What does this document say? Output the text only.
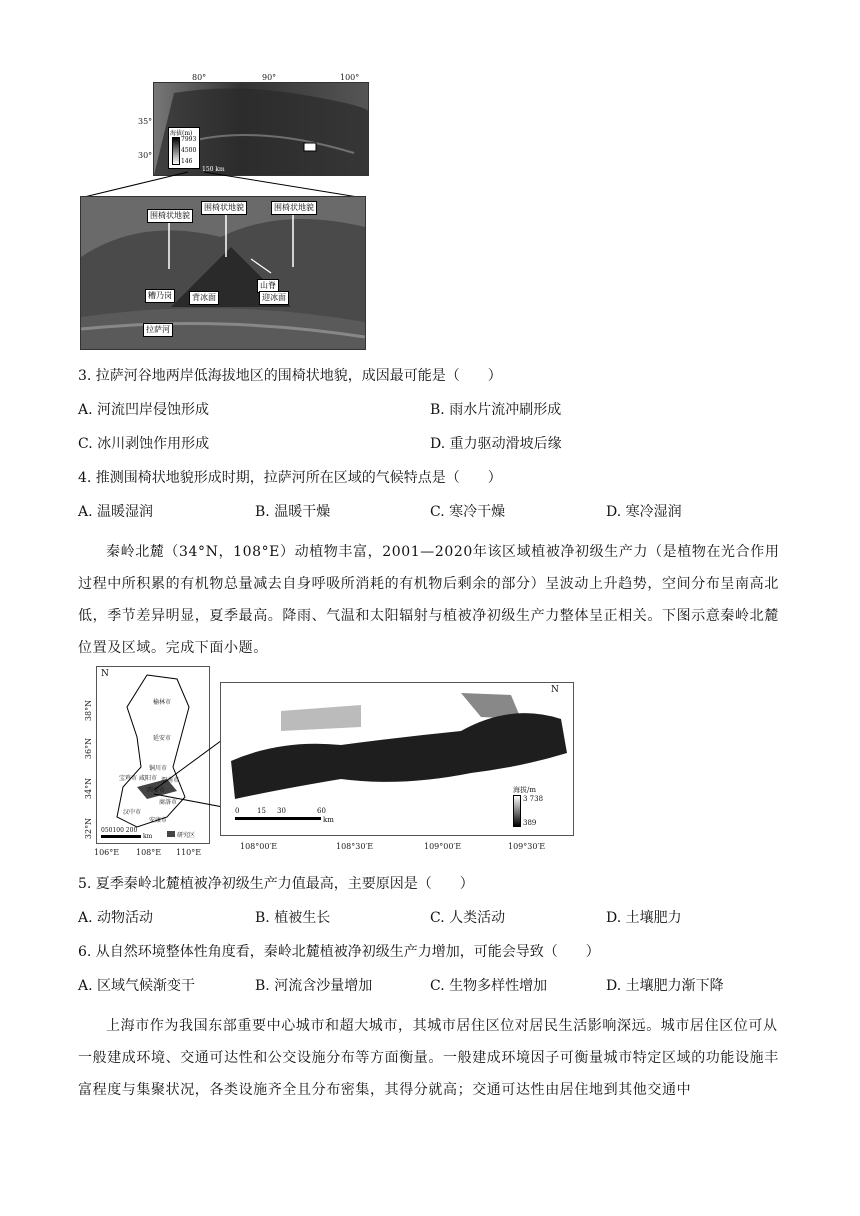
80°	90°	100°
海拔(m)
7993
4500
146
150 km
35°
30°
围椅状地貌
围椅状地貌	围椅状地貌
糟乃岗	背冰面
山脊
迎冰面
拉萨河
3. 拉萨河谷地两岸低海拔地区的围椅状地貌，成因最可能是（　　）
A. 河流凹岸侵蚀形成	B. 雨水片流冲刷形成
C. 冰川剥蚀作用形成	D. 重力驱动滑坡后缘
4. 推测围椅状地貌形成时期，拉萨河所在区域的气候特点是（　　）
A. 温暖湿润	B. 温暖干燥	C. 寒冷干燥	D. 寒冷湿润
秦岭北麓（34°N，108°E）动植物丰富，2001—2020年该区域植被净初级生产力（是植物在光合作用过程中所积累的有机物总量减去自身呼吸所消耗的有机物后剩余的部分）呈波动上升趋势，空间分布呈南高北低，季节差异明显，夏季最高。降雨、气温和太阳辐射与植被净初级生产力整体呈正相关。下图示意秦岭北麓位置及区域。完成下面小题。
N
榆林市
延安市
铜川市
宝鸡市 咸阳市 渭南市
西安市
商洛市
汉中市
安康市
050100 200
km	研究区
38°N
36°N
34°N
32°N
106°E 108°E 110°E
N
0	15 30	60
km
海拔/m
3 738
389
108°00′E	108°30′E	109°00′E	109°30′E
5. 夏季秦岭北麓植被净初级生产力值最高，主要原因是（　　）
A. 动物活动	B. 植被生长	C. 人类活动	D. 土壤肥力
6. 从自然环境整体性角度看，秦岭北麓植被净初级生产力增加，可能会导致（　　）
A. 区域气候渐变干	B. 河流含沙量增加	C. 生物多样性增加	D. 土壤肥力渐下降
上海市作为我国东部重要中心城市和超大城市，其城市居住区位对居民生活影响深远。城市居住区位可从一般建成环境、交通可达性和公交设施分布等方面衡量。一般建成环境因子可衡量城市特定区域的功能设施丰富程度与集聚状况，各类设施齐全且分布密集，其得分就高；交通可达性由居住地到其他交通中
